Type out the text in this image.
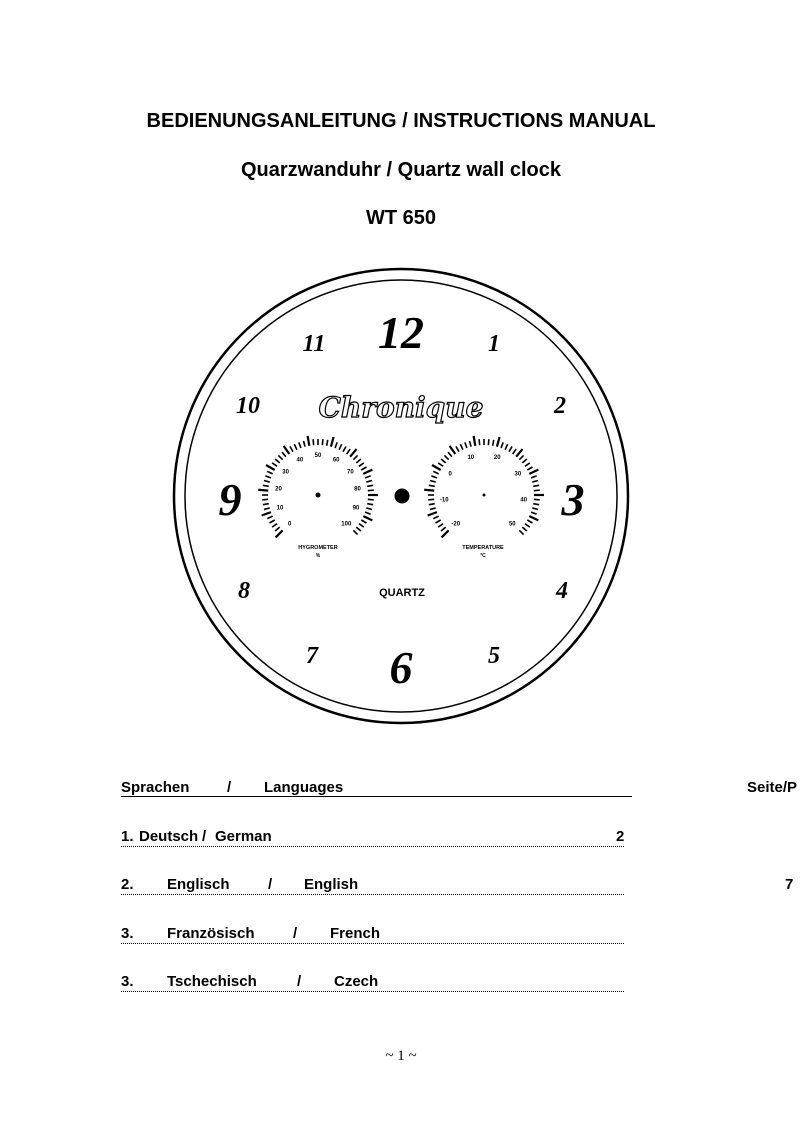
BEDIENUNGSANLEITUNG / INSTRUCTIONS MANUAL
Quarzwanduhr / Quartz wall clock
WT 650
12	1
2
3
4
5
6
7
8
9
10
11
Chronique
0
10
20
30
40
50
60
70
80
90
100
HYGROMETER
%
-20
-10
0
10	20
30
40
50
TEMPERATURE
°C
QUARTZ
Sprachen	/ Languages	Seite/P
1. Deutsch / German	2
2. Englisch	/ English	7
3. Französisch	/ French
3. Tschechisch	/ Czech
~ 1 ~
